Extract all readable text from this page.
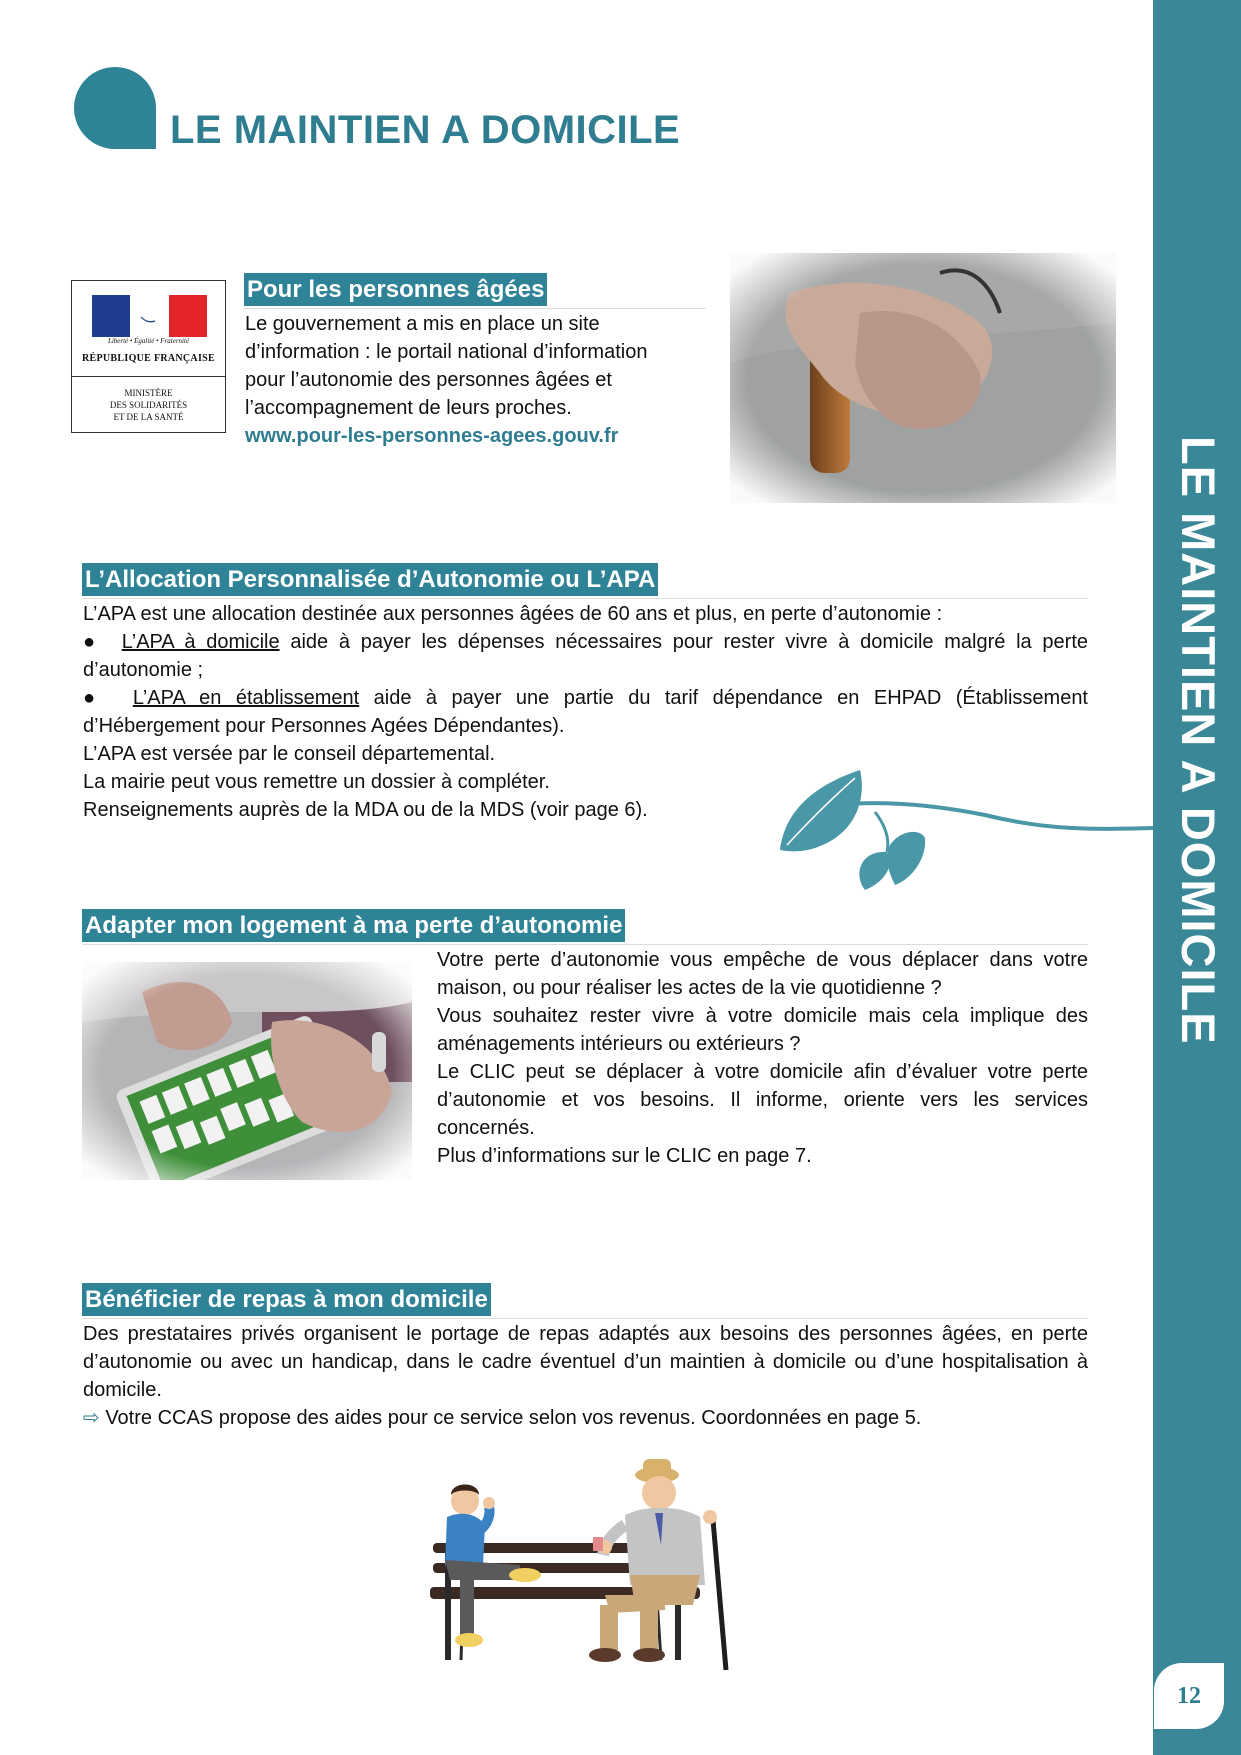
LE MAINTIEN A DOMICILE
12
LE MAINTIEN A DOMICILE
Liberté • Égalité • Fraternité
RÉPUBLIQUE FRANÇAISE
MINISTÈRE
DES SOLIDARITÉS
ET DE LA SANTÉ
Pour les personnes âgées
Le gouvernement a mis en place un site
d’information : le portail national d’information
pour l’autonomie des personnes âgées et
l’accompagnement de leurs proches.
www.pour-les-personnes-agees.gouv.fr
L’Allocation Personnalisée d’Autonomie ou L’APA

L’APA est une allocation destinée aux personnes âgées de 60 ans et plus, en perte d’autonomie :

●  L’APA à domicile aide à payer les dépenses nécessaires pour rester vivre à domicile malgré la perte d’autonomie ;

●  L’APA en établissement aide à payer une partie du tarif dépendance en EHPAD (Établissement d’Hébergement pour Personnes Agées Dépendantes).

L’APA est versée par le conseil départemental.

La mairie peut vous remettre un dossier à compléter.

Renseignements auprès de la MDA ou de la MDS (voir page 6).

Adapter mon logement à ma perte d’autonomie

Votre perte d’autonomie vous empêche de vous déplacer dans votre maison, ou pour réaliser les actes de la vie quotidienne ?

Vous souhaitez rester vivre à votre domicile mais cela implique des aménagements intérieurs ou extérieurs ?

Le CLIC peut se déplacer à votre domicile afin d’évaluer votre perte d’autonomie et vos besoins. Il informe, oriente vers les services concernés.

Plus d’informations sur le CLIC en page 7.

Bénéficier de repas à mon domicile

Des prestataires privés organisent le portage de repas adaptés aux besoins des personnes âgées, en perte d’autonomie ou avec un handicap, dans le cadre éventuel d’un maintien à domicile ou d’une hospitalisation à domicile.

⇨ Votre CCAS propose des aides pour ce service selon vos revenus. Coordonnées en page 5.
